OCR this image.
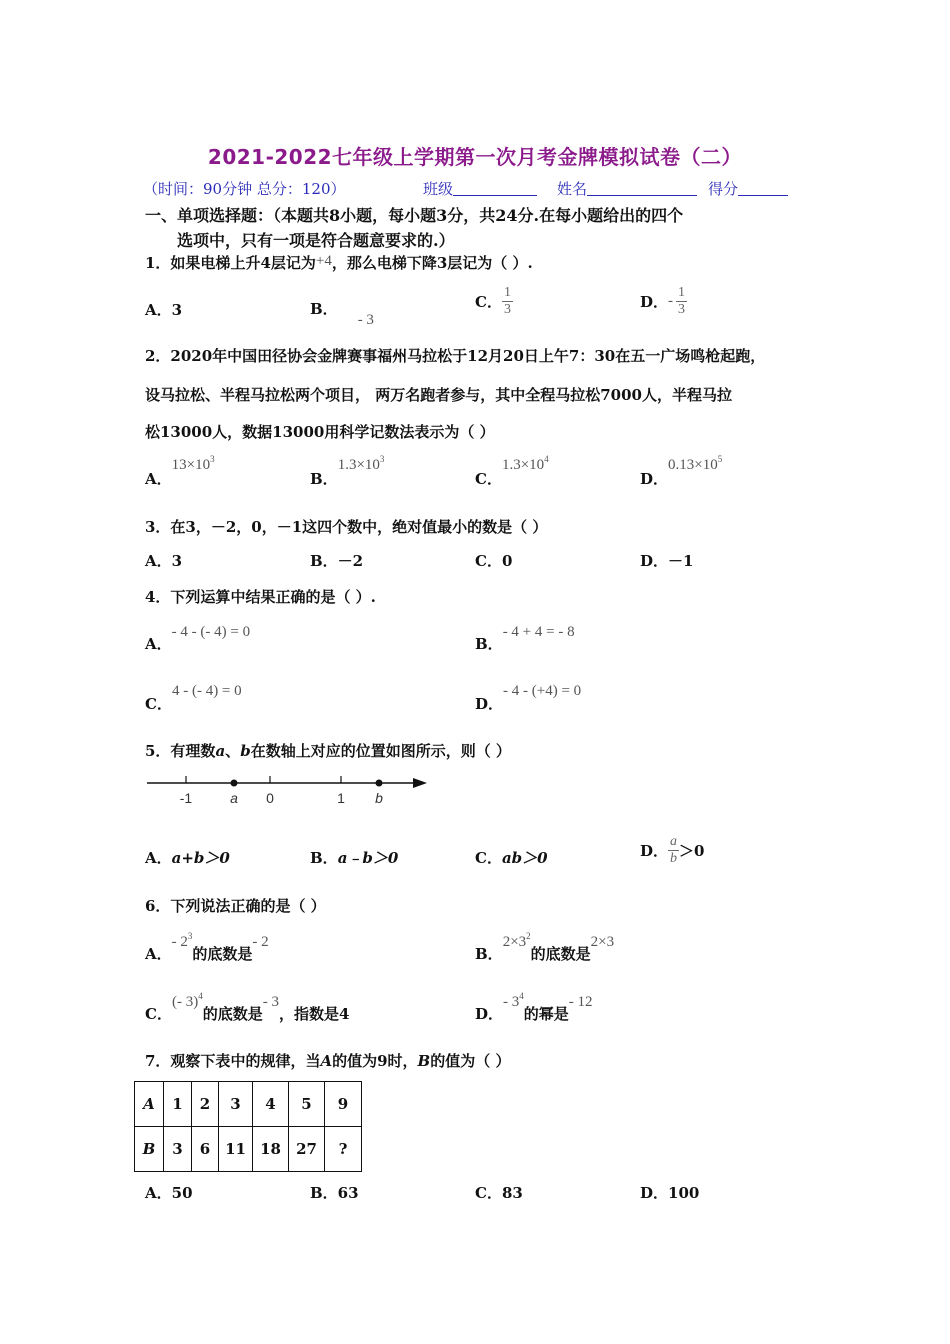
2021-2022七年级上学期第一次月考金牌模拟试卷（二）
（时间：90分钟 总分：120）	班级	姓名	得分
一、单项选择题：（本题共8小题，每小题3分，共24分.在每小题给出的四个
选项中，只有一项是符合题意要求的.）
1．如果电梯上升4层记为+4，那么电梯下降3层记为（ ）.
A．3	B．- 3
C． $\frac{1}{3}$	D．- $\frac{1}{3}$
2．2020年中国田径协会金牌赛事福州马拉松于12月20日上午7：30在五一广场鸣枪起跑，
设马拉松、半程马拉松两个项目， 两万名跑者参与，其中全程马拉松7000人，半程马拉
松13000人，数据13000用科学记数法表示为（ ）
A．$13\times 10^3$
B．$1.3\times 10^3$
C．$1.3\times 10^4$
D．$0.13\times 10^5$
3．在3，－2，0，－1这四个数中，绝对值最小的数是（ ）
A．3	B．－2	C．0	D．－1
4．下列运算中结果正确的是（ ）.
A．- 4 - (- 4) = 0
B．- 4 + 4 = - 8
C．4 - (- 4) = 0
D．- 4 - (+4) = 0
5．有理数a、b在数轴上对应的位置如图所示，则（ ）
-1	a 0	1 b
A．a+b＞0	B．a﹣b＞0	C．ab＞0	D． $\frac{a}{b} >0$
6．下列说法正确的是（ ）
A．- $2^3$的底数是- 2
B．$2\times 3^2$的底数是2×3
C．(- 3)$^4$的底数是- 3，指数是4	D．- $3^4$的幂是- 12
7．观察下表中的规律，当A的值为9时，B的值为（ ）
A	1	2	3	4	5	9
B	3	6	11	18	27	?
A．50	B．63	C．83	D．100
